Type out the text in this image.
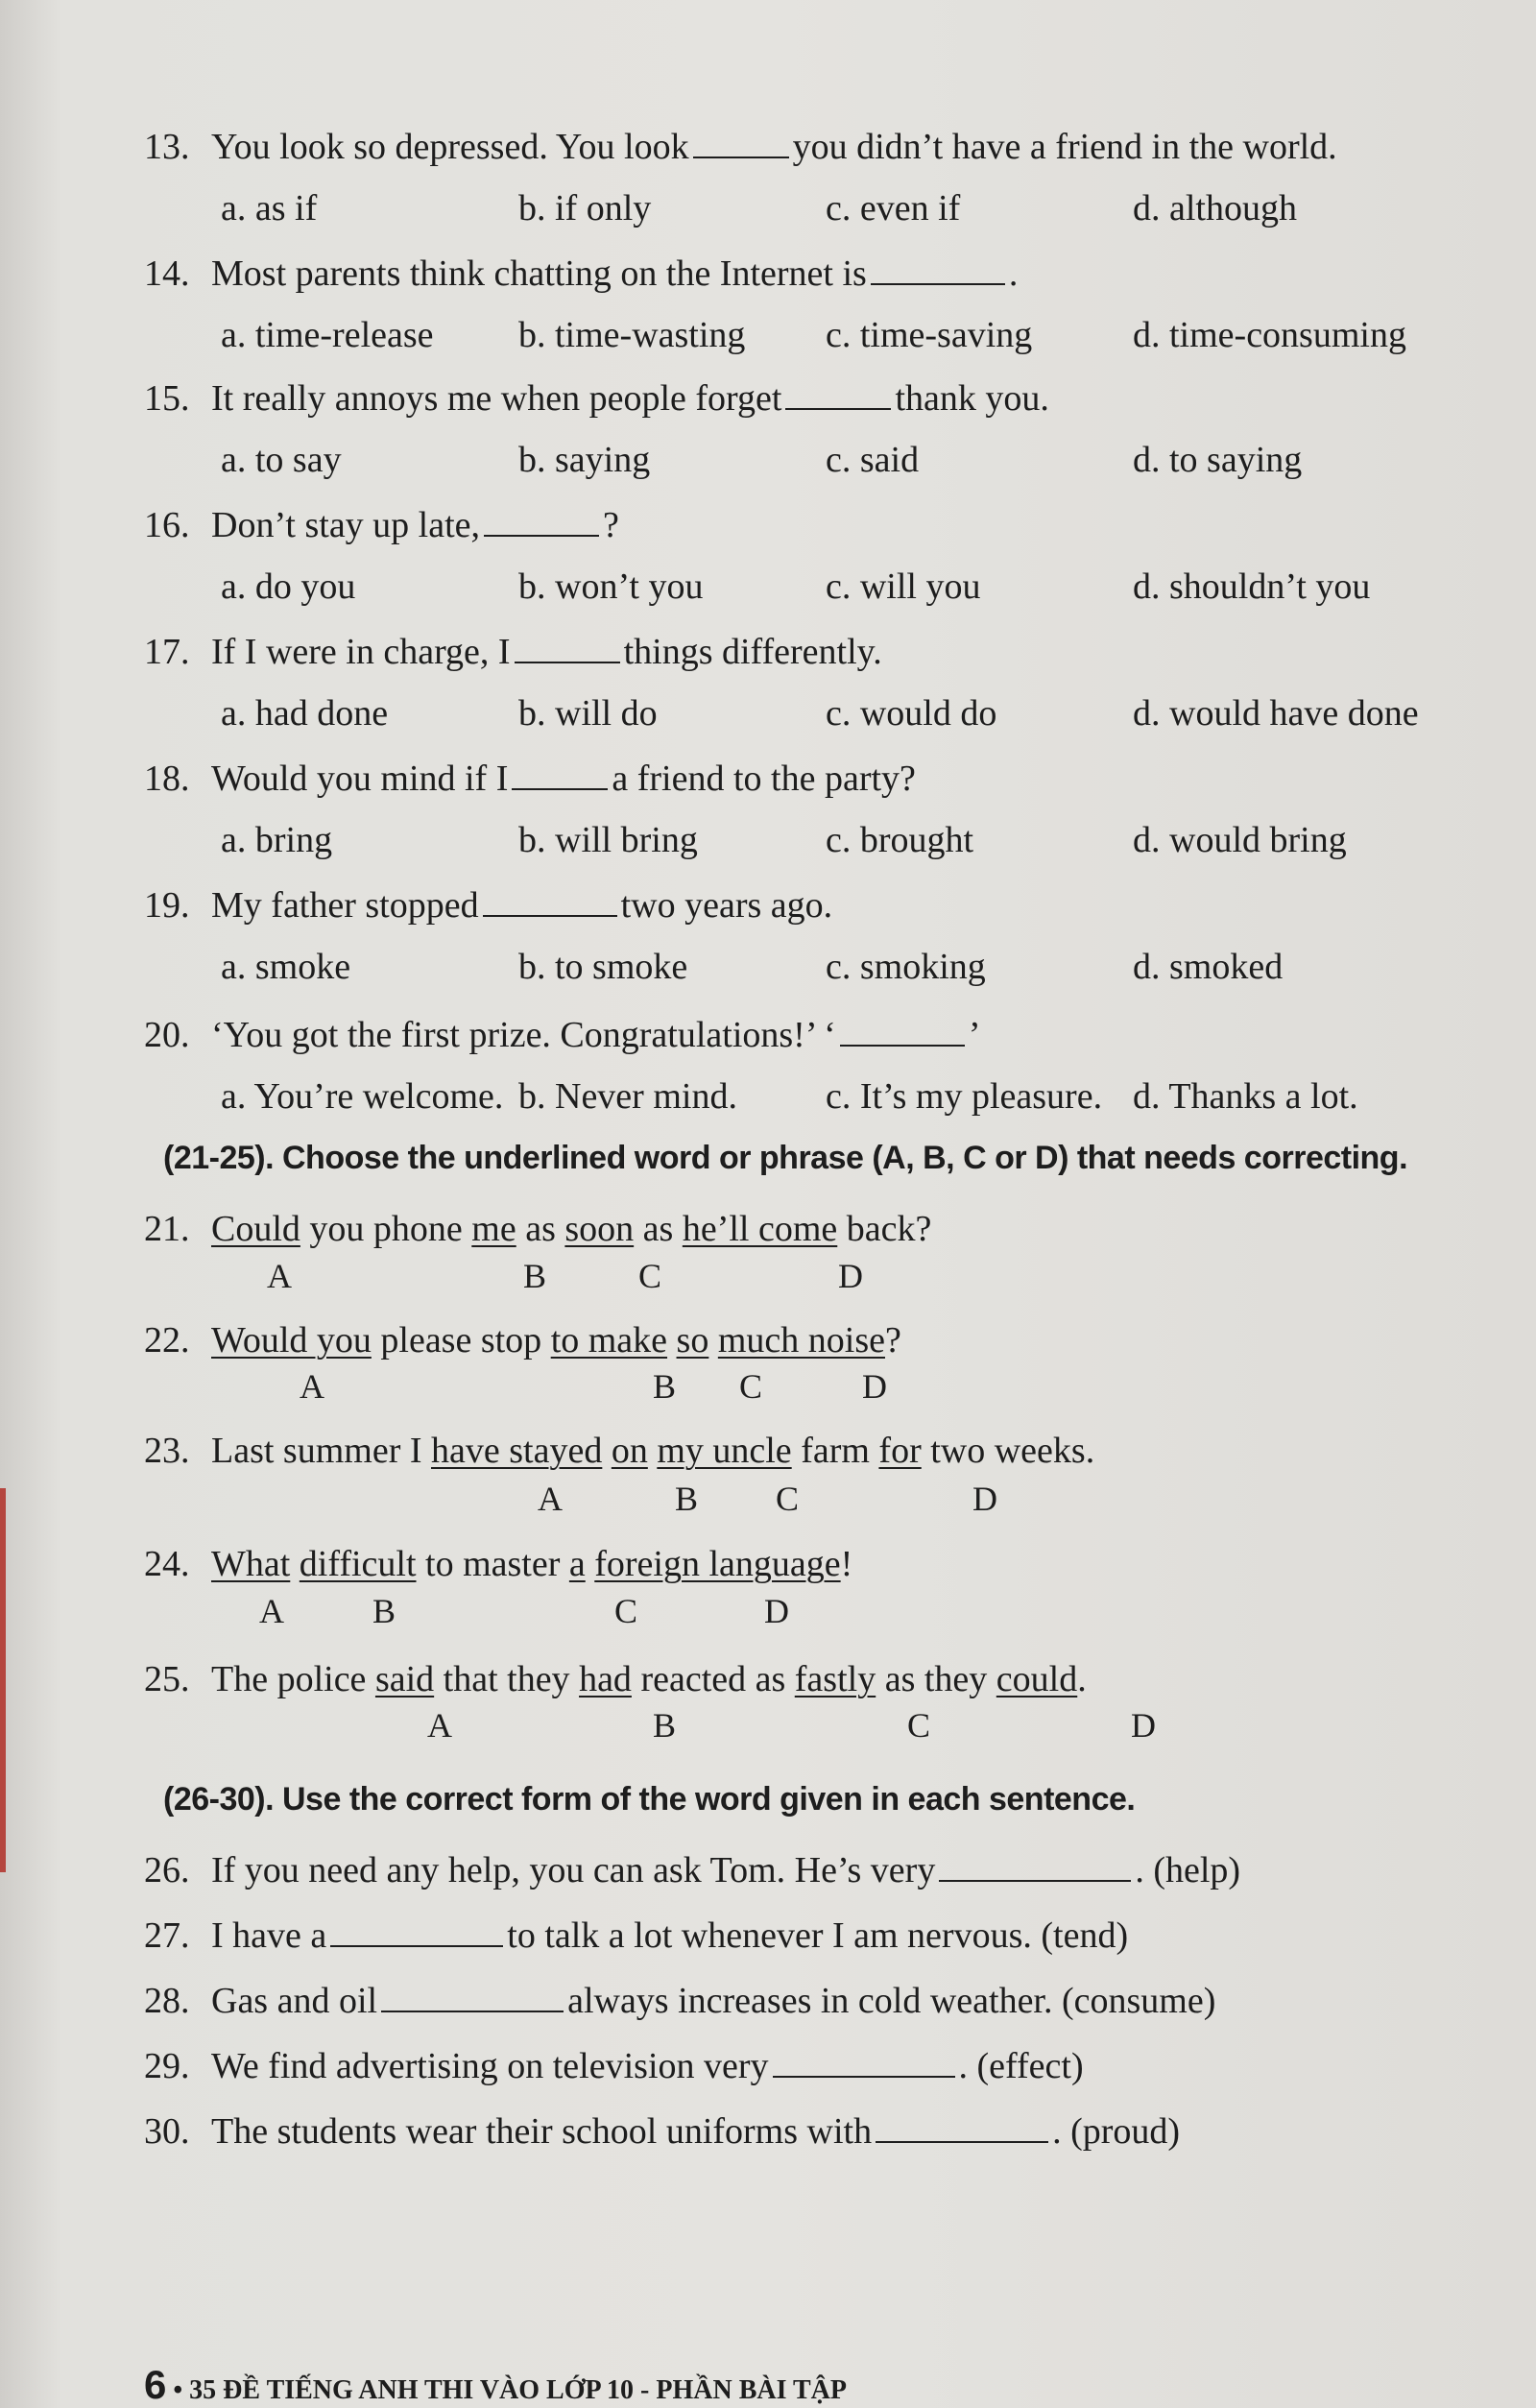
13. You look so depressed. You look	you didn’t have a friend in the world.
a. as if	b. if only	c. even if	d. although
14. Most parents think chatting on the Internet is	.
a. time-release b. time-wasting c. time-saving	d. time-consuming
15. It really annoys me when people forget	thank you.
a. to say	b. saying	c. said	d. to saying
16. Don’t stay up late,	?
a. do you	b. won’t you	c. will you	d. shouldn’t you
17. If I were in charge, I	things differently.
a. had done	b. will do	c. would do	d. would have done
18. Would you mind if I	a friend to the party?
a. bring	b. will bring	c. brought	d. would bring
19. My father stopped	two years ago.
a. smoke	b. to smoke	c. smoking	d. smoked
20. ‘You got the first prize. Congratulations!’ ‘	’
a. You’re welcome. b. Never mind. c. It’s my pleasure. d. Thanks a lot.
(21-25). Choose the underlined word or phrase (A, B, C or D) that needs correcting.
21. Could you phone me as soon as he’ll come back?
A	B	C	D
22. Would you please stop to make so much noise?
A	B C	D
23. Last summer I have stayed on my uncle farm for two weeks.
A	B C	D
24. What difficult to master a foreign language!
A	B	C	D
25. The police said that they had reacted as fastly as they could.
A	B	C	D
(26-30). Use the correct form of the word given in each sentence.
26. If you need any help, you can ask Tom. He’s very	. (help)
27. I have a	to talk a lot whenever I am nervous. (tend)
28. Gas and oil	always increases in cold weather. (consume)
29. We find advertising on television very	. (effect)
30. The students wear their school uniforms with	. (proud)
6 • 35 ĐỀ TIẾNG ANH THI VÀO LỚP 10 - PHẦN BÀI TẬP
